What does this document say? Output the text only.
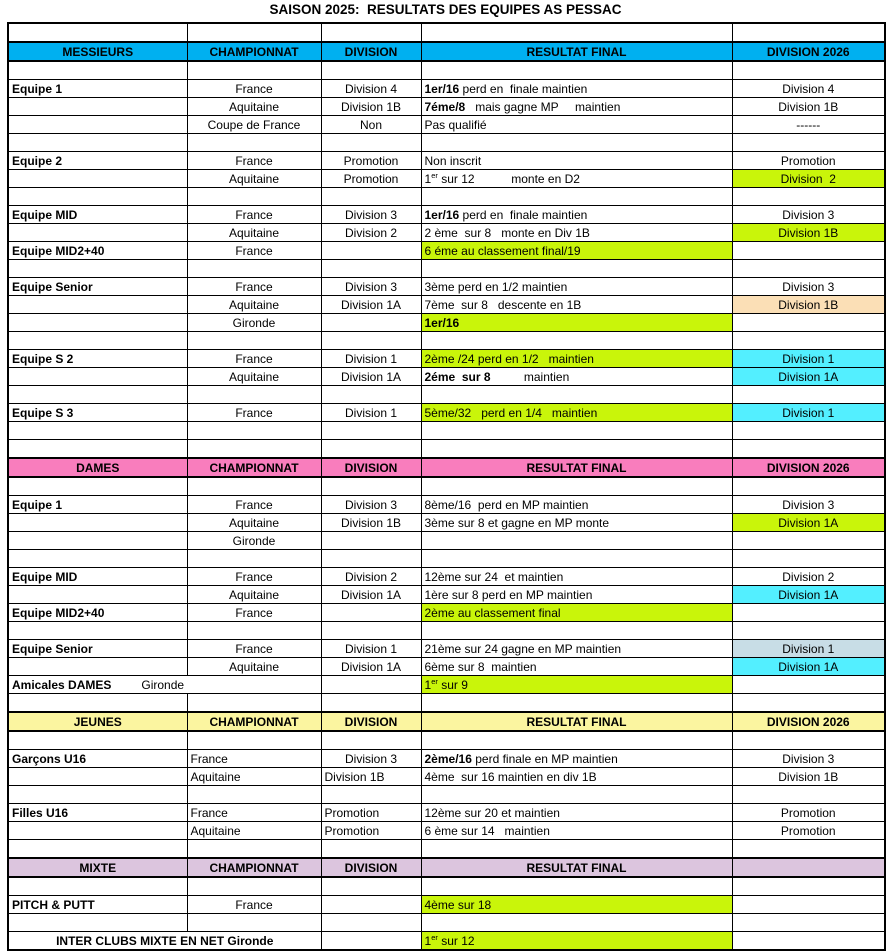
SAISON 2025:  RESULTATS DES EQUIPES AS PESSAC

MESSIEURS	CHAMPIONNAT	DIVISION	RESULTAT FINAL	DIVISION 2026

Equipe 1	France	Division 4	1er/16 perd en  finale maintien	Division 4
	Aquitaine	Division 1B	7éme/8   mais gagne MP     maintien	Division 1B
	Coupe de France	Non	Pas qualifié	------

Equipe 2	France	Promotion	Non inscrit	Promotion
	Aquitaine	Promotion	1er sur 12           monte en D2	Division  2

Equipe MID	France	Division 3	1er/16 perd en  finale maintien	Division 3
	Aquitaine	Division 2	2 ème  sur 8   monte en Div 1B	Division 1B
Equipe MID2+40	France		6 éme au classement final/19	

Equipe Senior	France	Division 3	3ème perd en 1/2 maintien	Division 3
	Aquitaine	Division 1A	7ème  sur 8   descente en 1B	Division 1B
	Gironde		1er/16	

Equipe S 2	France	Division 1	2ème /24 perd en 1/2   maintien	Division 1
	Aquitaine	Division 1A	2éme  sur 8          maintien	Division 1A

Equipe S 3	France	Division 1	5ème/32   perd en 1/4   maintien	Division 1

DAMES	CHAMPIONNAT	DIVISION	RESULTAT FINAL	DIVISION 2026

Equipe 1	France	Division 3	8ème/16  perd en MP maintien	Division 3
	Aquitaine	Division 1B	3ème sur 8 et gagne en MP monte	Division 1A
	Gironde			

Equipe MID	France	Division 2	12ème sur 24  et maintien	Division 2
	Aquitaine	Division 1A	1ère sur 8 perd en MP maintien	Division 1A
Equipe MID2+40	France		2ème au classement final	

Equipe Senior	France	Division 1	21ème sur 24 gagne en MP maintien	Division 1
	Aquitaine	Division 1A	6ème sur 8  maintien	Division 1A
Amicales DAMES         Gironde			1er sur 9	

JEUNES	CHAMPIONNAT	DIVISION	RESULTAT FINAL	DIVISION 2026

Garçons U16	France	Division 3	2ème/16 perd finale en MP maintien	Division 3
	Aquitaine	Division 1B	4ème  sur 16 maintien en div 1B	Division 1B

Filles U16	France	Promotion	12ème sur 20 et maintien	Promotion
	Aquitaine	Promotion	6 ème sur 14   maintien	Promotion

MIXTE	CHAMPIONNAT	DIVISION	RESULTAT FINAL	

PITCH & PUTT	France		4ème sur 18	

INTER CLUBS MIXTE EN NET Gironde			1er sur 12	
